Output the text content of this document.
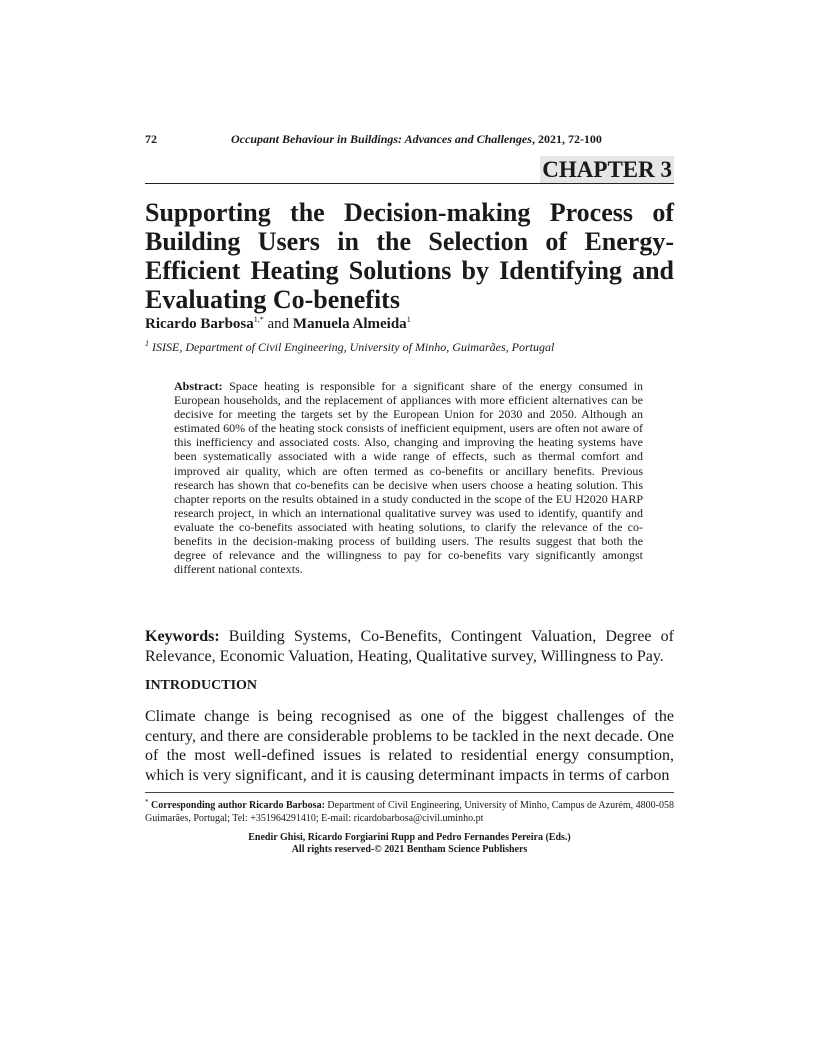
72	Occupant Behaviour in Buildings: Advances and Challenges, 2021, 72-100
CHAPTER 3
Supporting the Decision-making Process of Building Users in the Selection of Energy-Efficient Heating Solutions by Identifying and Evaluating Co-benefits
Ricardo Barbosa$^{1,*}$ and Manuela Almeida$^1$
$^1$ ISISE, Department of Civil Engineering, University of Minho, Guimarães, Portugal
Abstract: Space heating is responsible for a significant share of the energy consumed in European households, and the replacement of appliances with more efficient alternatives can be decisive for meeting the targets set by the European Union for 2030 and 2050. Although an estimated 60% of the heating stock consists of inefficient equipment, users are often not aware of this inefficiency and associated costs. Also, changing and improving the heating systems have been systematically associated with a wide range of effects, such as thermal comfort and improved air quality, which are often termed as co-benefits or ancillary benefits. Previous research has shown that co-benefits can be decisive when users choose a heating solution. This chapter reports on the results obtained in a study conducted in the scope of the EU H2020 HARP research project, in which an international qualitative survey was used to identify, quantify and evaluate the co-benefits associated with heating solutions, to clarify the relevance of the co-benefits in the decision-making process of building users. The results suggest that both the degree of relevance and the willingness to pay for co-benefits vary significantly amongst different national contexts.
Keywords: Building Systems, Co-Benefits, Contingent Valuation, Degree of Relevance, Economic Valuation, Heating, Qualitative survey, Willingness to Pay.
INTRODUCTION
Climate change is being recognised as one of the biggest challenges of the century, and there are considerable problems to be tackled in the next decade. One of the most well-defined issues is related to residential energy consumption, which is very significant, and it is causing determinant impacts in terms of carbon
* Corresponding author Ricardo Barbosa: Department of Civil Engineering, University of Minho, Campus de Azurém, 4800-058 Guimarães, Portugal; Tel: +351964291410; E-mail: ricardobarbosa@civil.uminho.pt
Enedir Ghisi, Ricardo Forgiarini Rupp and Pedro Fernandes Pereira (Eds.)
All rights reserved-© 2021 Bentham Science Publishers
